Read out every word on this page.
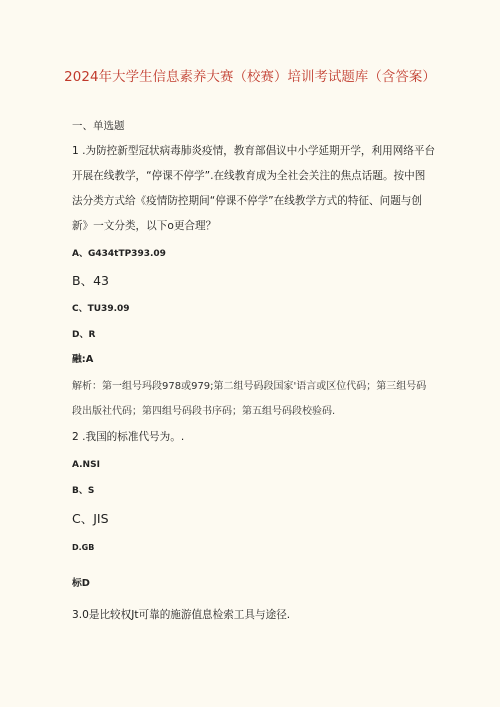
2024年大学生信息素养大赛（校赛）培训考试题库（含答案）
一、单选题
1 .为防控新型冠状病毒肺炎疫情，教育部倡议中小学延期开学，利用网络平台
开展在线教学，“停课不停学”.在线教育成为全社会关注的焦点话题。按中图
法分类方式给《疫情防控期间“停课不停学”在线教学方式的特征、问题与创
新》一文分类，以下o更合理？
A、G434tTP393.09
B、43
C、TU39.09
D、R
融:A
解析：第一组号玛段978或979;第二组号码段国家'语言或区位代码；第三组号码
段出版社代码；第四组号码段书序码；第五组号码段校验码.
2 .我国的标准代号为。.
A.NSI
B、S
C、JIS
D.GB
标D
3.0是比较权Jt可靠的施游值息检索工具与途径.
